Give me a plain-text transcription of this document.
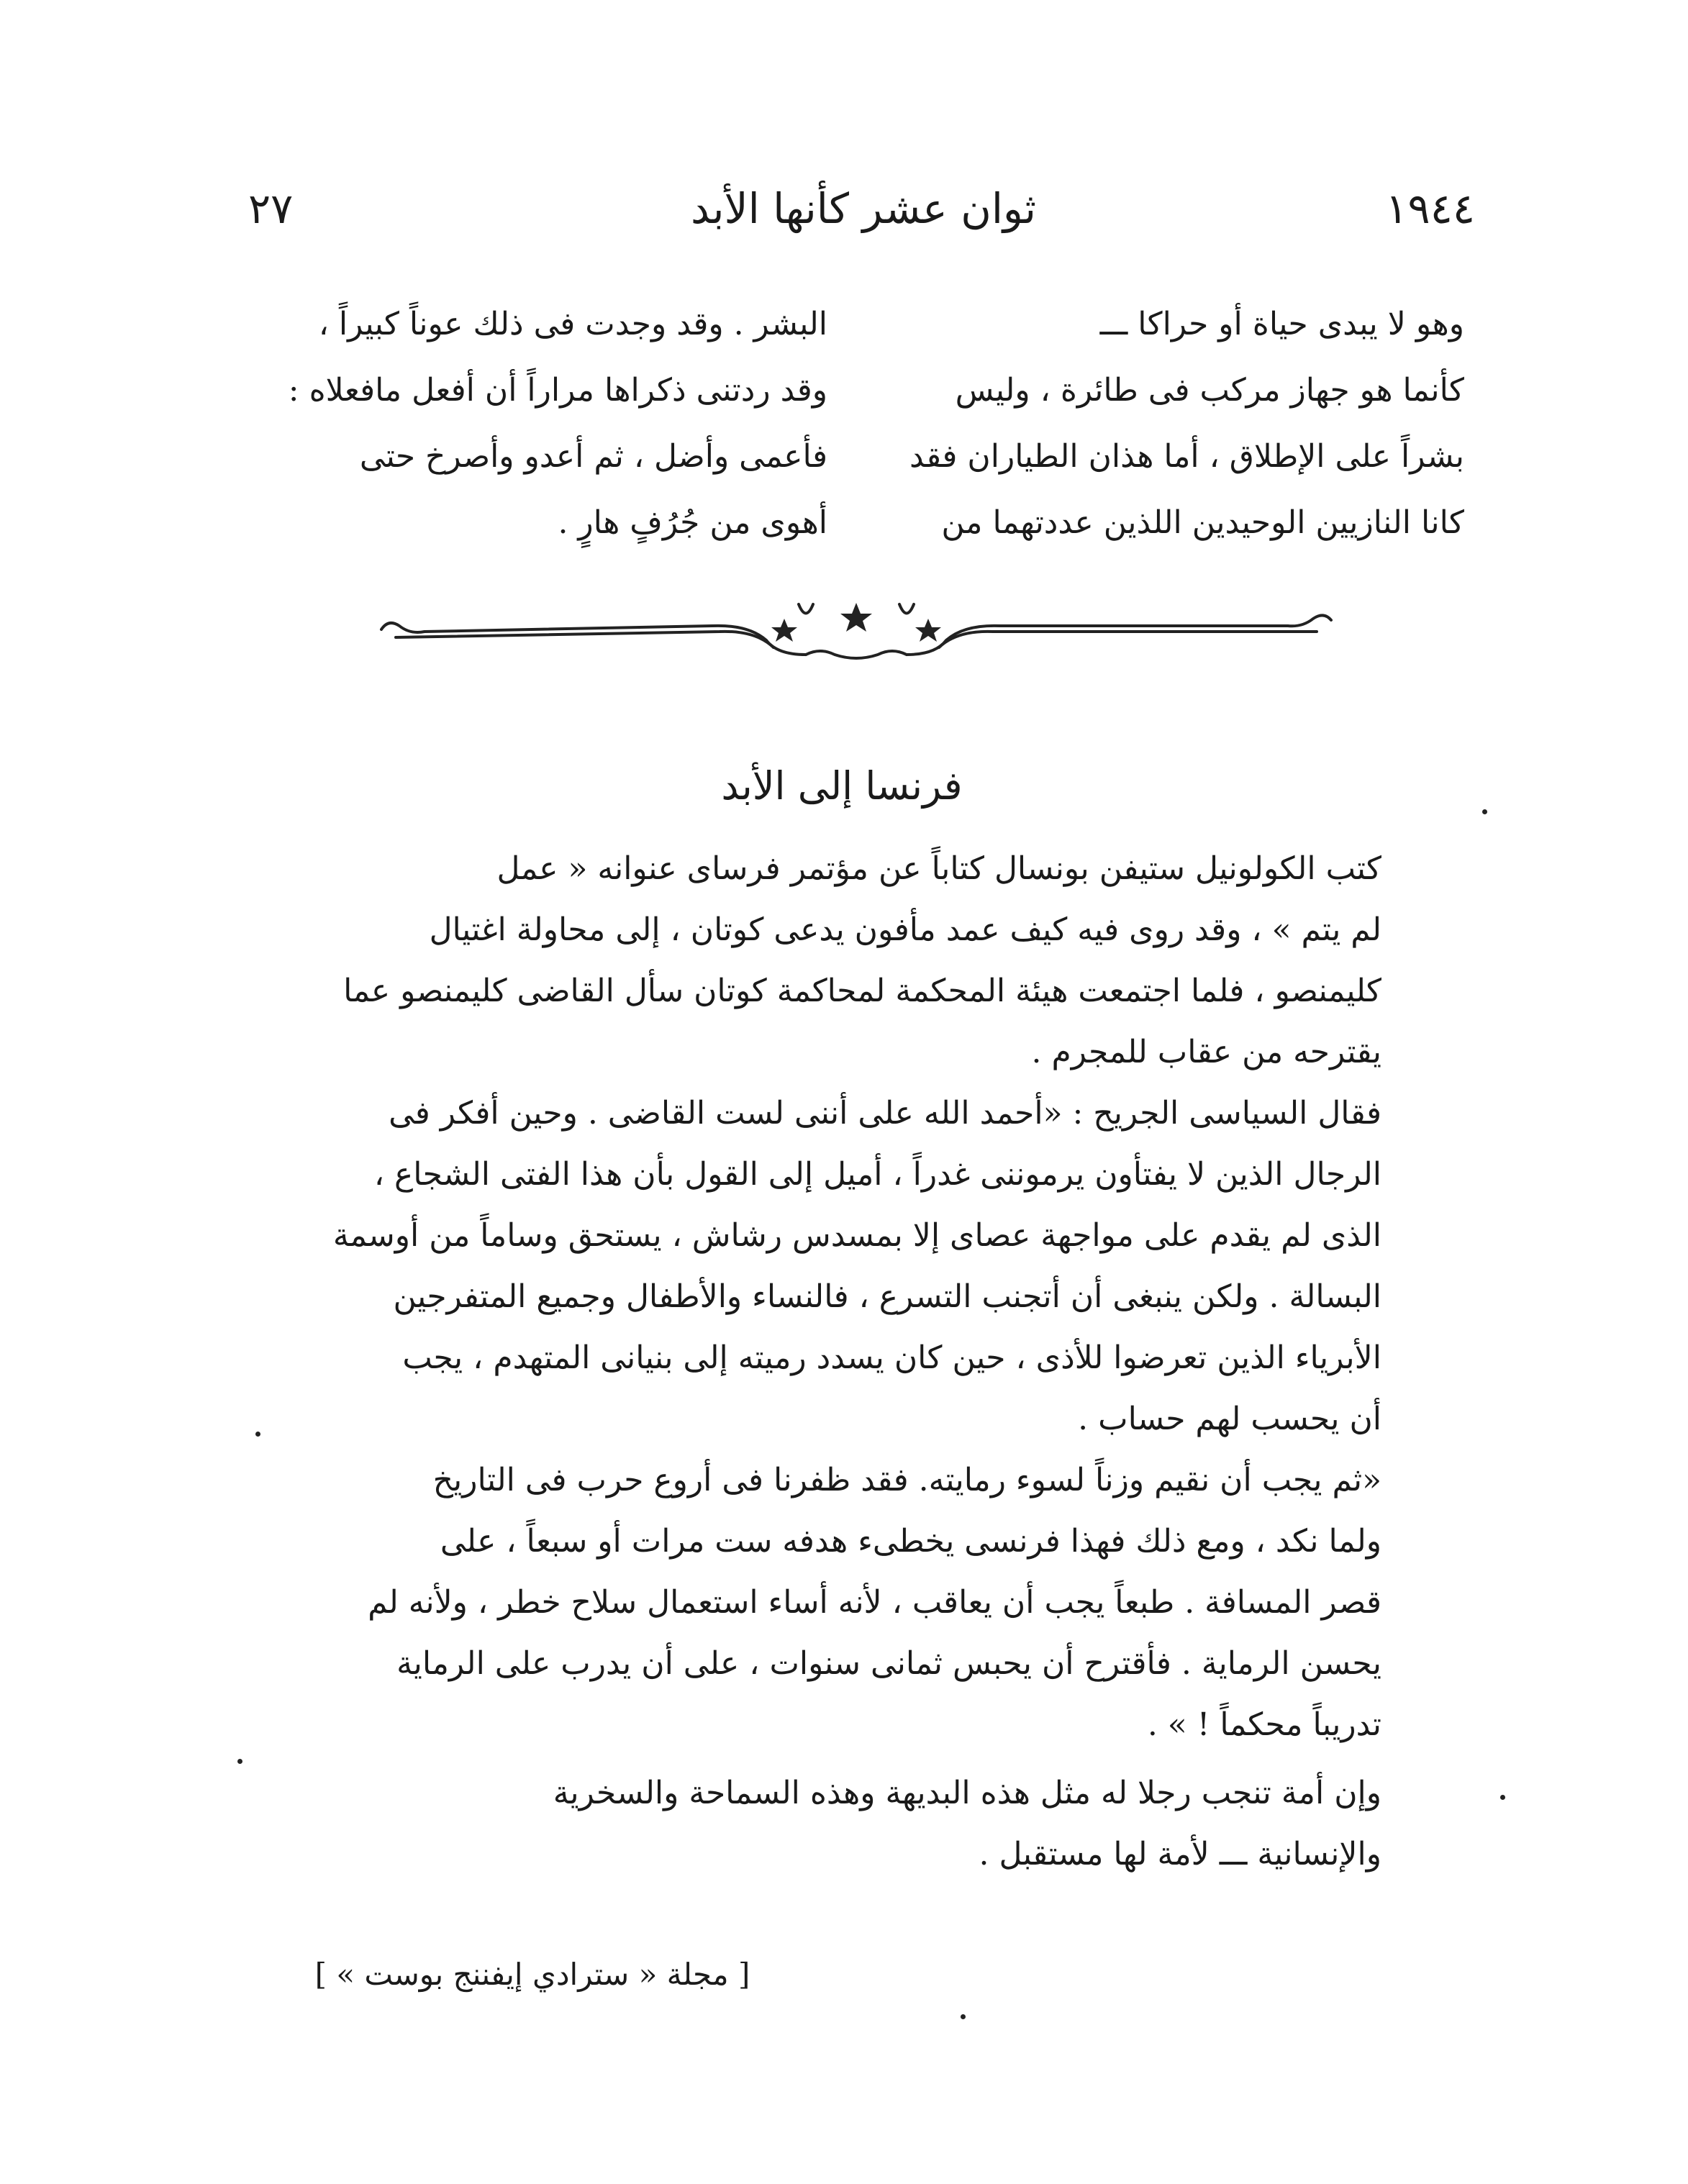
٢٧	ثوان عشر كأنها الأبد	١٩٤٤

وهو لا يبدى حياة أو حراكا ـــ

كأنما هو جهاز مركب فى طائرة ، وليس

بشراً على الإطلاق ، أما هذان الطياران فقد

كانا النازيين الوحيدين اللذين عددتهما من

البشر . وقد وجدت فى ذلك عوناً كبيراً ،

وقد ردتنى ذكراها مراراً أن أفعل مافعلاه :

فأعمى وأضل ، ثم أعدو وأصرخ حتى

أهوى من جُرُفٍ هارٍ .

فرنسا إلى الأبد
كتب الكولونيل ستيفن بونسال كتاباً عن مؤتمر فرساى عنوانه « عمل
لم يتم » ، وقد روى فيه كيف عمد مأفون يدعى كوتان ، إلى محاولة اغتيال
كليمنصو ، فلما اجتمعت هيئة المحكمة لمحاكمة كوتان سأل القاضى كليمنصو عما
يقترحه من عقاب للمجرم .
فقال السياسى الجريح : «أحمد الله على أننى لست القاضى . وحين أفكر فى
الرجال الذين لا يفتأون يرموننى غدراً ، أميل إلى القول بأن هذا الفتى الشجاع ،
الذى لم يقدم على مواجهة عصاى إلا بمسدس رشاش ، يستحق وساماً من أوسمة
البسالة . ولكن ينبغى أن أتجنب التسرع ، فالنساء والأطفال وجميع المتفرجين
الأبرياء الذين تعرضوا للأذى ، حين كان يسدد رميته إلى بنيانى المتهدم ، يجب
أن يحسب لهم حساب .
«ثم يجب أن نقيم وزناً لسوء رمايته. فقد ظفرنا فى أروع حرب فى التاريخ
ولما نكد ، ومع ذلك فهذا فرنسى يخطىء هدفه ست مرات أو سبعاً ، على
قصر المسافة . طبعاً يجب أن يعاقب ، لأنه أساء استعمال سلاح خطر ، ولأنه لم
يحسن الرماية . فأقترح أن يحبس ثمانى سنوات ، على أن يدرب على الرماية
تدريباً محكماً ! » .
وإن أمة تنجب رجلا له مثل هذه البديهة وهذه السماحة والسخرية
والإنسانية ـــ لأمة لها مستقبل .
[ مجلة « سترادي إيفننج بوست » ]
